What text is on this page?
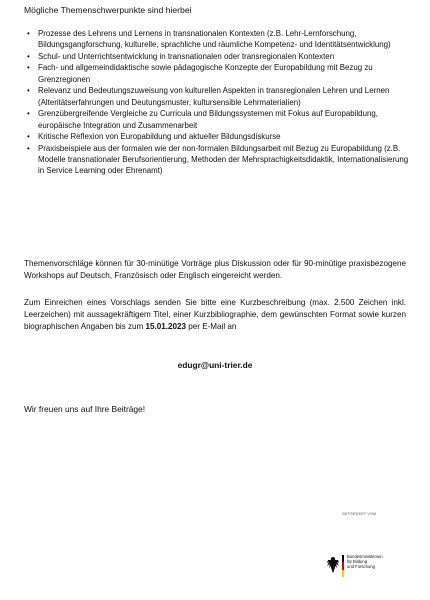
Mögliche Themenschwerpunkte sind hierbei
• Prozesse des Lehrens und Lernens in transnationalen Kontexten (z.B. Lehr-Lernforschung, Bildungsgangforschung, kulturelle, sprachliche und räumliche Kompetenz- und Identitätsentwicklung)
• Schul- und Unterrichtsentwicklung in transnationalen oder transregionalen Kontexten
• Fach- und allgemeindidaktische sowie pädagogische Konzepte der Europabildung mit Bezug zu Grenzregionen
• Relevanz und Bedeutungszuweisung von kulturellen Aspekten in transregionalen Lehren und Lernen (Alteritätserfahrungen und Deutungsmuster, kultursensible Lehrmaterialien)
• Grenzübergreifende Vergleiche zu Curricula und Bildungssystemen mit Fokus auf Europabildung, europäische Integration und Zusammenarbeit
• Kritische Reflexion von Europabildung und aktueller Bildungsdiskurse
• Praxisbeispiele aus der formalen wie der non-formalen Bildungsarbeit mit Bezug zu Europabildung (z.B. Modelle transnationaler Berufsorientierung, Methoden der Mehrsprachigkeitsdidaktik, Internationalisierung in Service Learning oder Ehrenamt)

Themenvorschläge können für 30-minütige Vorträge plus Diskussion oder für 90-minütige praxisbezogene Workshops auf Deutsch, Französisch oder Englisch eingereicht werden.

Zum Einreichen eines Vorschlags senden Sie bitte eine Kurzbeschreibung (max. 2.500 Zeichen inkl. Leerzeichen) mit aussagekräftigem Titel, einer Kurzbibliographie, dem gewünschten Format sowie kurzen biographischen Angaben bis zum 15.01.2023 per E-Mail an

edugr@uni-trier.de
Wir freuen uns auf Ihre Beiträge!
GEFÖRDERT VOM
Bundesministerium
für Bildung
und Forschung
